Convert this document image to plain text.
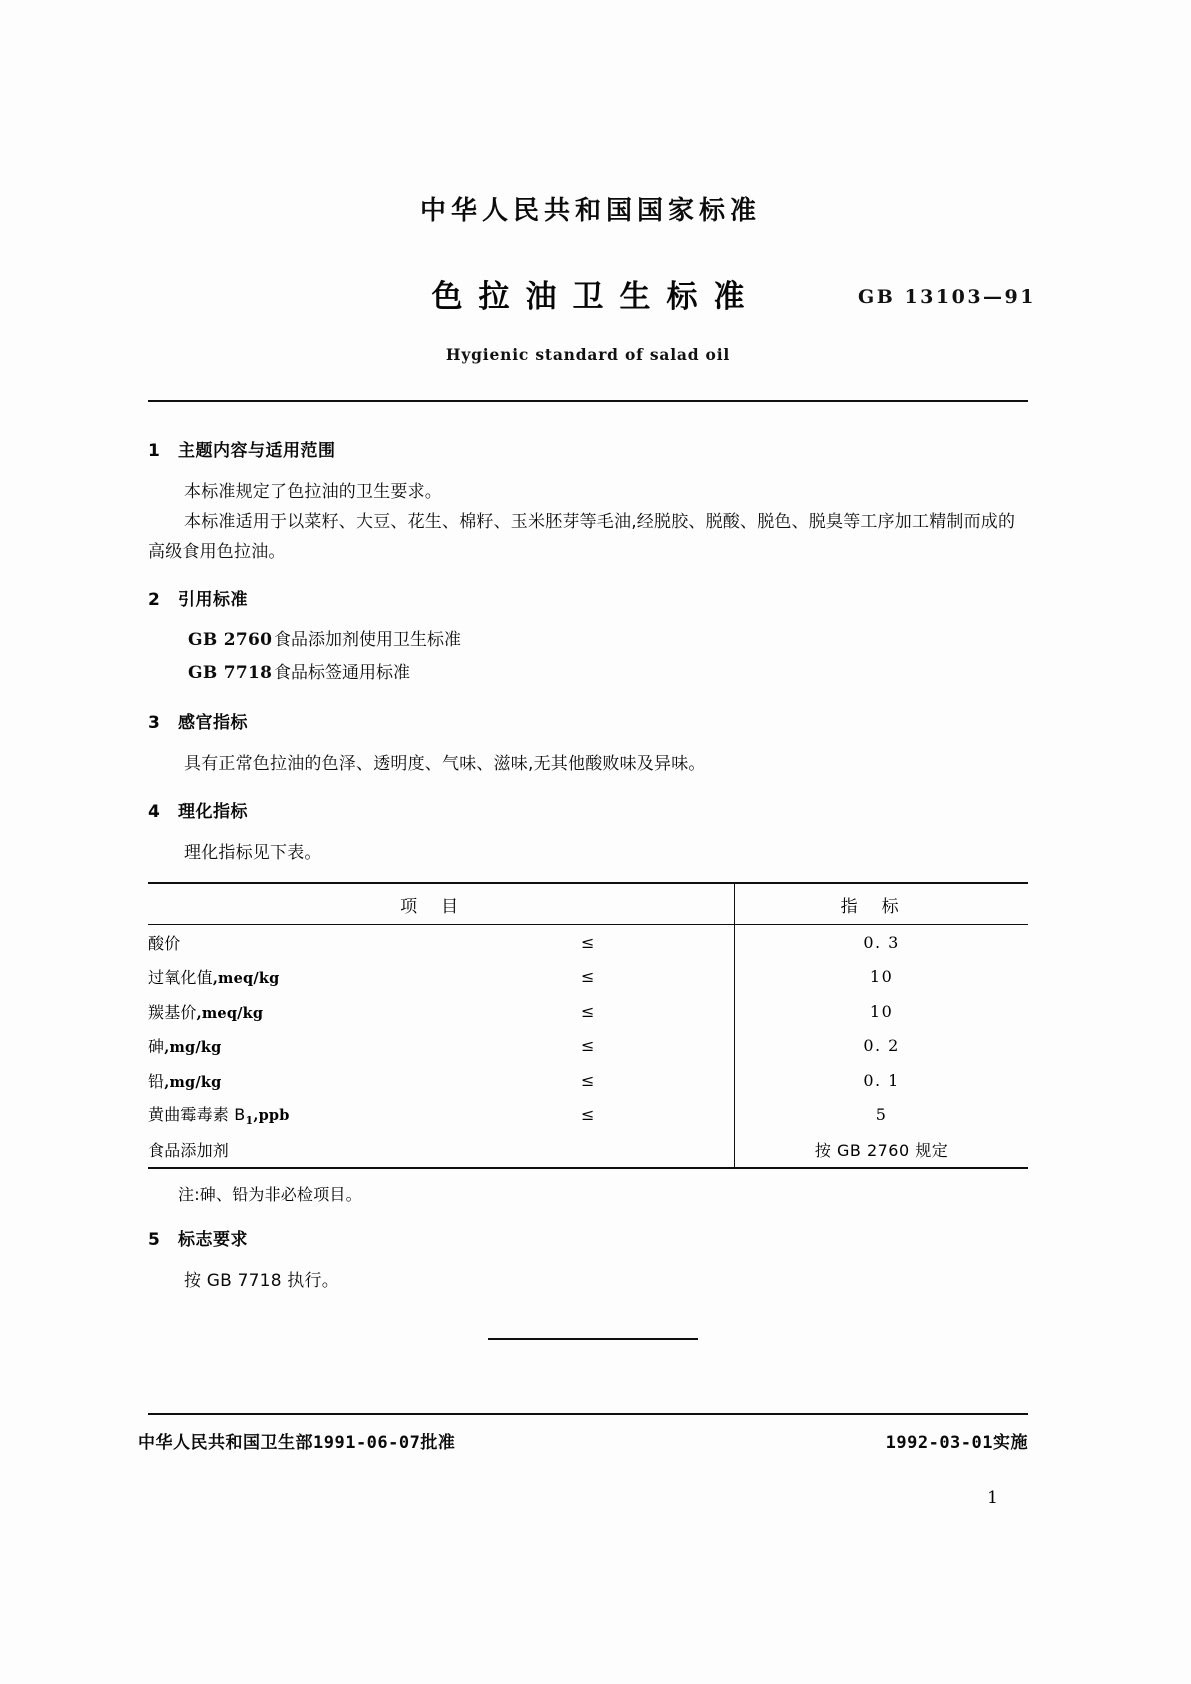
中华人民共和国国家标准
色拉油卫生标准	GB 13103—91
Hygienic standard of salad oil
1 主题内容与适用范围
本标准规定了色拉油的卫生要求。
本标准适用于以菜籽、大豆、花生、棉籽、玉米胚芽等毛油,经脱胶、脱酸、脱色、脱臭等工序加工精制而成的高级食用色拉油。
2 引用标准
GB 2760 食品添加剂使用卫生标准
GB 7718 食品标签通用标准
3 感官指标
具有正常色拉油的色泽、透明度、气味、滋味,无其他酸败味及异味。
4 理化指标
理化指标见下表。
项目		指标
酸价	≤	0. 3
过氧化值,meq/kg	≤	10
羰基价,meq/kg	≤	10
砷,mg/kg	≤	0. 2
铅,mg/kg	≤	0. 1
黄曲霉毒素 $B_1,ppb$	≤	5
食品添加剂		按 GB 2760 规定
注:砷、铅为非必检项目。
5 标志要求
按 GB 7718 执行。
中华人民共和国卫生部1991-06-07批准	1992-03-01实施
1
